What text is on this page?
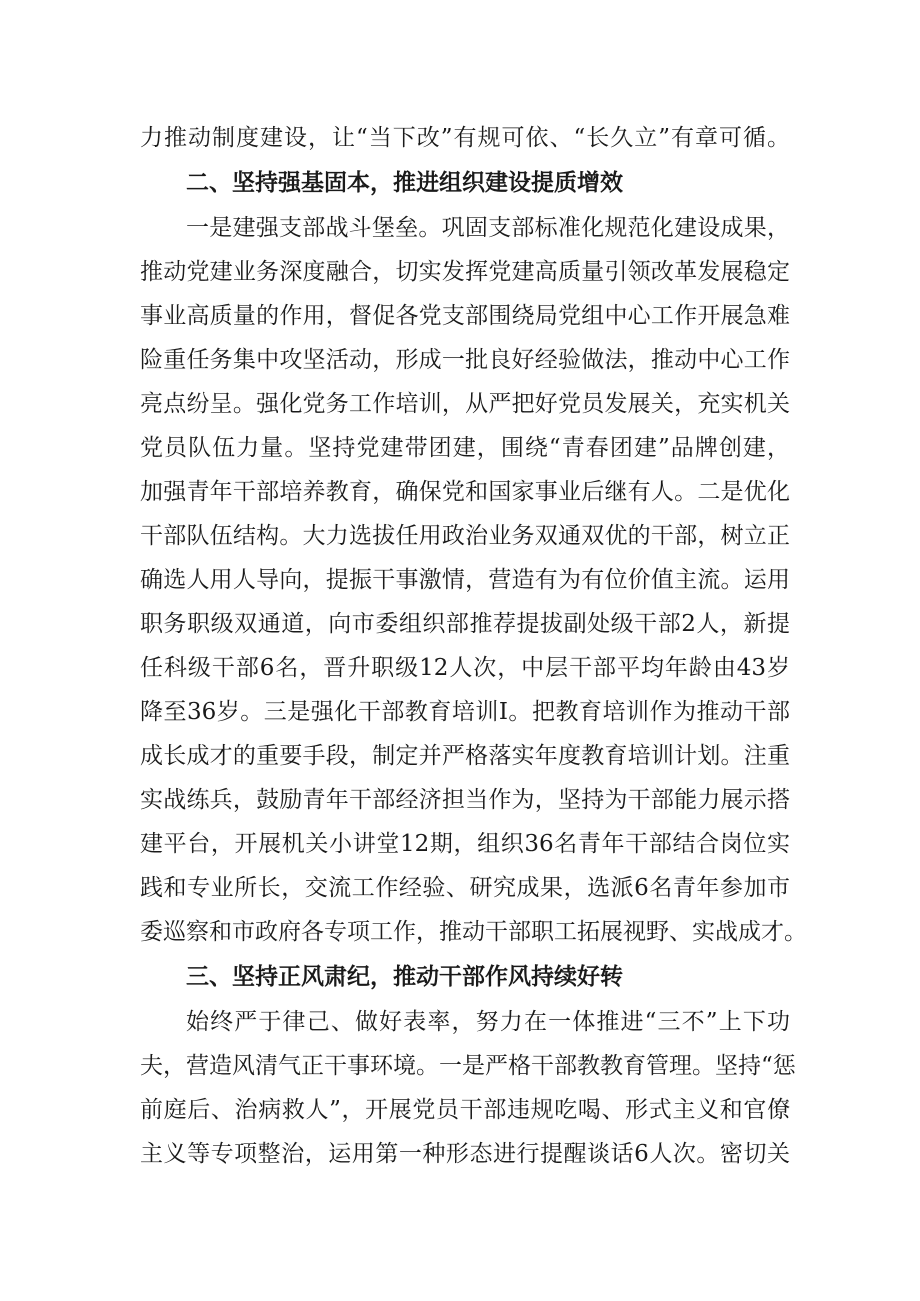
力推动制度建设，让“当下改”有规可依、“长久立”有章可循。
二、坚持强基固本，推进组织建设提质增效
一是建强支部战斗堡垒。巩固支部标准化规范化建设成果，
推动党建业务深度融合，切实发挥党建高质量引领改革发展稳定
事业高质量的作用，督促各党支部围绕局党组中心工作开展急难
险重任务集中攻坚活动，形成一批良好经验做法，推动中心工作
亮点纷呈。强化党务工作培训，从严把好党员发展关，充实机关
党员队伍力量。坚持党建带团建，围绕“青春团建”品牌创建，
加强青年干部培养教育，确保党和国家事业后继有人。二是优化
干部队伍结构。大力选拔任用政治业务双通双优的干部，树立正
确选人用人导向，提振干事激情，营造有为有位价值主流。运用
职务职级双通道，向市委组织部推荐提拔副处级干部2人，新提
任科级干部6名，晋升职级12人次，中层干部平均年龄由43岁
降至36岁。三是强化干部教育培训I。把教育培训作为推动干部
成长成才的重要手段，制定并严格落实年度教育培训计划。注重
实战练兵，鼓励青年干部经济担当作为，坚持为干部能力展示搭
建平台，开展机关小讲堂12期，组织36名青年干部结合岗位实
践和专业所长，交流工作经验、研究成果，选派6名青年参加市
委巡察和市政府各专项工作，推动干部职工拓展视野、实战成才。
三、坚持正风肃纪，推动干部作风持续好转
始终严于律己、做好表率，努力在一体推进“三不”上下功
夫，营造风清气正干事环境。一是严格干部教教育管理。坚持“惩
前庭后、治病救人”，开展党员干部违规吃喝、形式主义和官僚
主义等专项整治，运用第一种形态进行提醒谈话6人次。密切关
